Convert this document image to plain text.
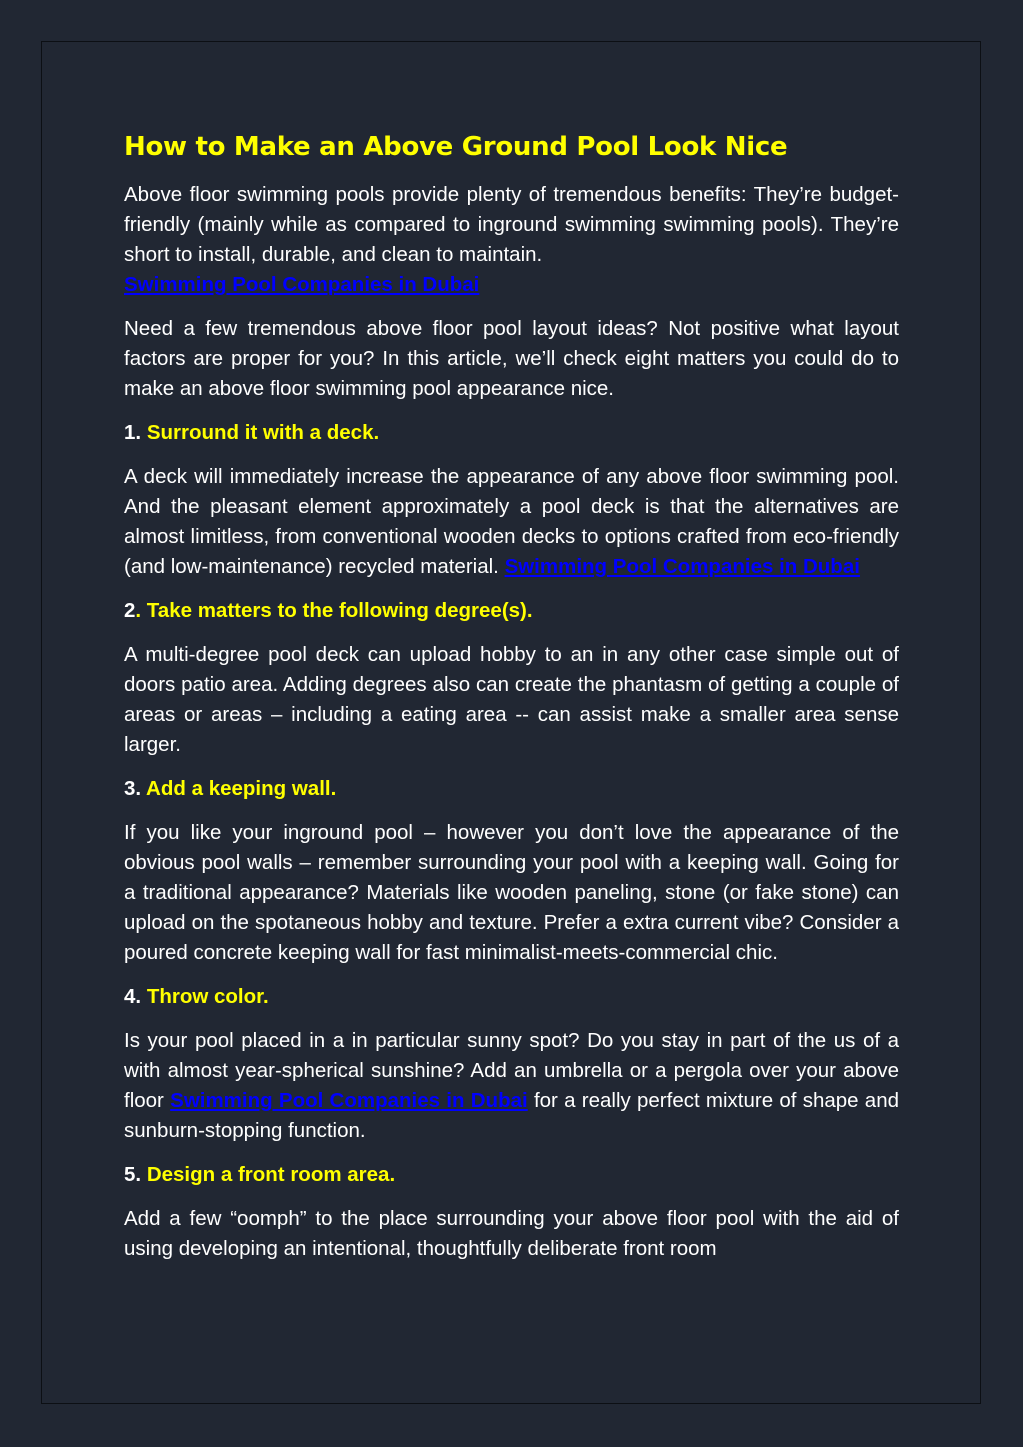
How to Make an Above Ground Pool Look Nice

Above floor swimming pools provide plenty of tremendous benefits: They’re budget-friendly (mainly while as compared to inground swimming swimming pools). They’re short to install, durable, and clean to maintain.
Swimming Pool Companies in Dubai

Need a few tremendous above floor pool layout ideas? Not positive what layout factors are proper for you? In this article, we’ll check eight matters you could do to make an above floor swimming pool appearance nice.

1. Surround it with a deck.

A deck will immediately increase the appearance of any above floor swimming pool. And the pleasant element approximately a pool deck is that the alternatives are almost limitless, from conventional wooden decks to options crafted from eco-friendly (and low-maintenance) recycled material. Swimming Pool Companies in Dubai

2. Take matters to the following degree(s).

A multi-degree pool deck can upload hobby to an in any other case simple out of doors patio area. Adding degrees also can create the phantasm of getting a couple of areas or areas – including a eating area -- can assist make a smaller area sense larger.

3. Add a keeping wall.

If you like your inground pool – however you don’t love the appearance of the obvious pool walls – remember surrounding your pool with a keeping wall. Going for a traditional appearance? Materials like wooden paneling, stone (or fake stone) can upload on the spotaneous hobby and texture. Prefer a extra current vibe? Consider a poured concrete keeping wall for fast minimalist-meets-commercial chic.

4. Throw color.

Is your pool placed in a in particular sunny spot? Do you stay in part of the us of a with almost year-spherical sunshine? Add an umbrella or a pergola over your above floor Swimming Pool Companies in Dubai for a really perfect mixture of shape and sunburn-stopping function.

5. Design a front room area.

Add a few “oomph” to the place surrounding your above floor pool with the aid of using developing an intentional, thoughtfully deliberate front room
